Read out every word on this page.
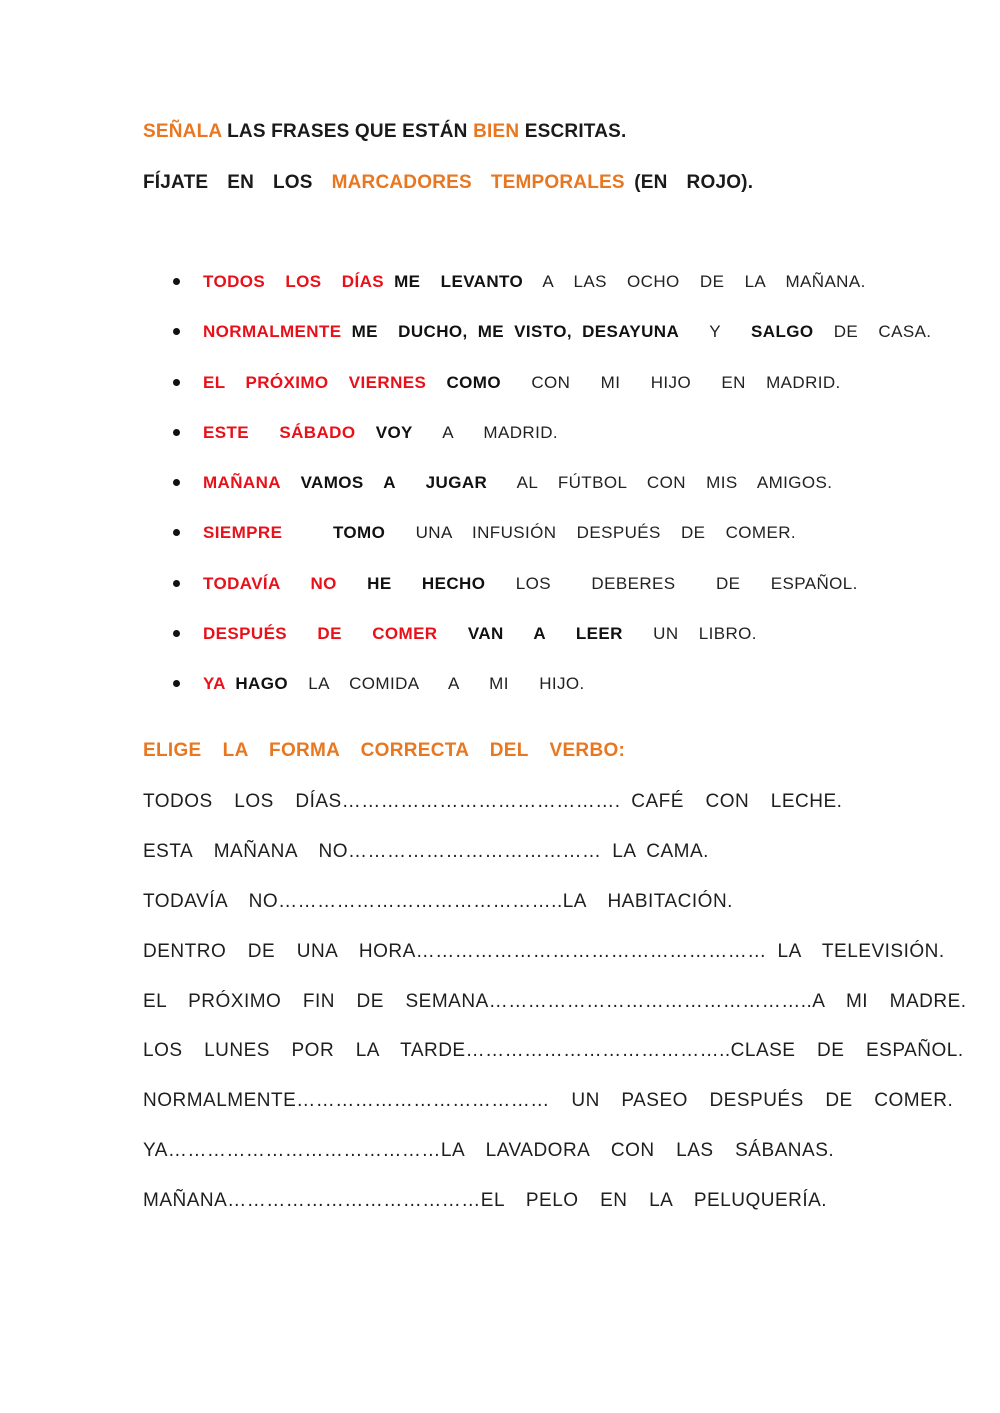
SEÑALA LAS FRASES QUE ESTÁN BIEN ESCRITAS.
FÍJATE  EN  LOS  MARCADORES  TEMPORALES (EN  ROJO).
TODOS  LOS  DÍAS ME  LEVANTO  A  LAS  OCHO  DE  LA  MAÑANA.
NORMALMENTE ME  DUCHO, ME VISTO, DESAYUNA   Y   SALGO  DE  CASA.
EL  PRÓXIMO  VIERNES  COMO   CON   MI   HIJO   EN  MADRID.
ESTE   SÁBADO  VOY   A   MADRID.
MAÑANA  VAMOS  A   JUGAR   AL  FÚTBOL  CON  MIS  AMIGOS.
SIEMPRE     TOMO   UNA  INFUSIÓN  DESPUÉS  DE  COMER.
TODAVÍA   NO   HE   HECHO   LOS    DEBERES    DE   ESPAÑOL.
DESPUÉS   DE   COMER   VAN   A   LEER   UN  LIBRO.
YA HAGO  LA  COMIDA   A   MI   HIJO.
ELIGE  LA  FORMA  CORRECTA  DEL  VERBO:
TODOS  LOS  DÍAS……………………………………. CAFÉ  CON  LECHE.
ESTA  MAÑANA  NO………………………………… LA CAMA.
TODAVÍA  NO……………………………………..LA  HABITACIÓN.
DENTRO  DE  UNA  HORA……………………………………………… LA  TELEVISIÓN.
EL  PRÓXIMO  FIN  DE  SEMANA…………………………………………..A  MI  MADRE.
LOS  LUNES  POR  LA  TARDE…………………………………..CLASE  DE  ESPAÑOL.
NORMALMENTE…………………………………  UN  PASEO  DESPUÉS  DE  COMER.
YA……………………………………LA  LAVADORA  CON  LAS  SÁBANAS.
MAÑANA…………………………………EL  PELO  EN  LA  PELUQUERÍA.
